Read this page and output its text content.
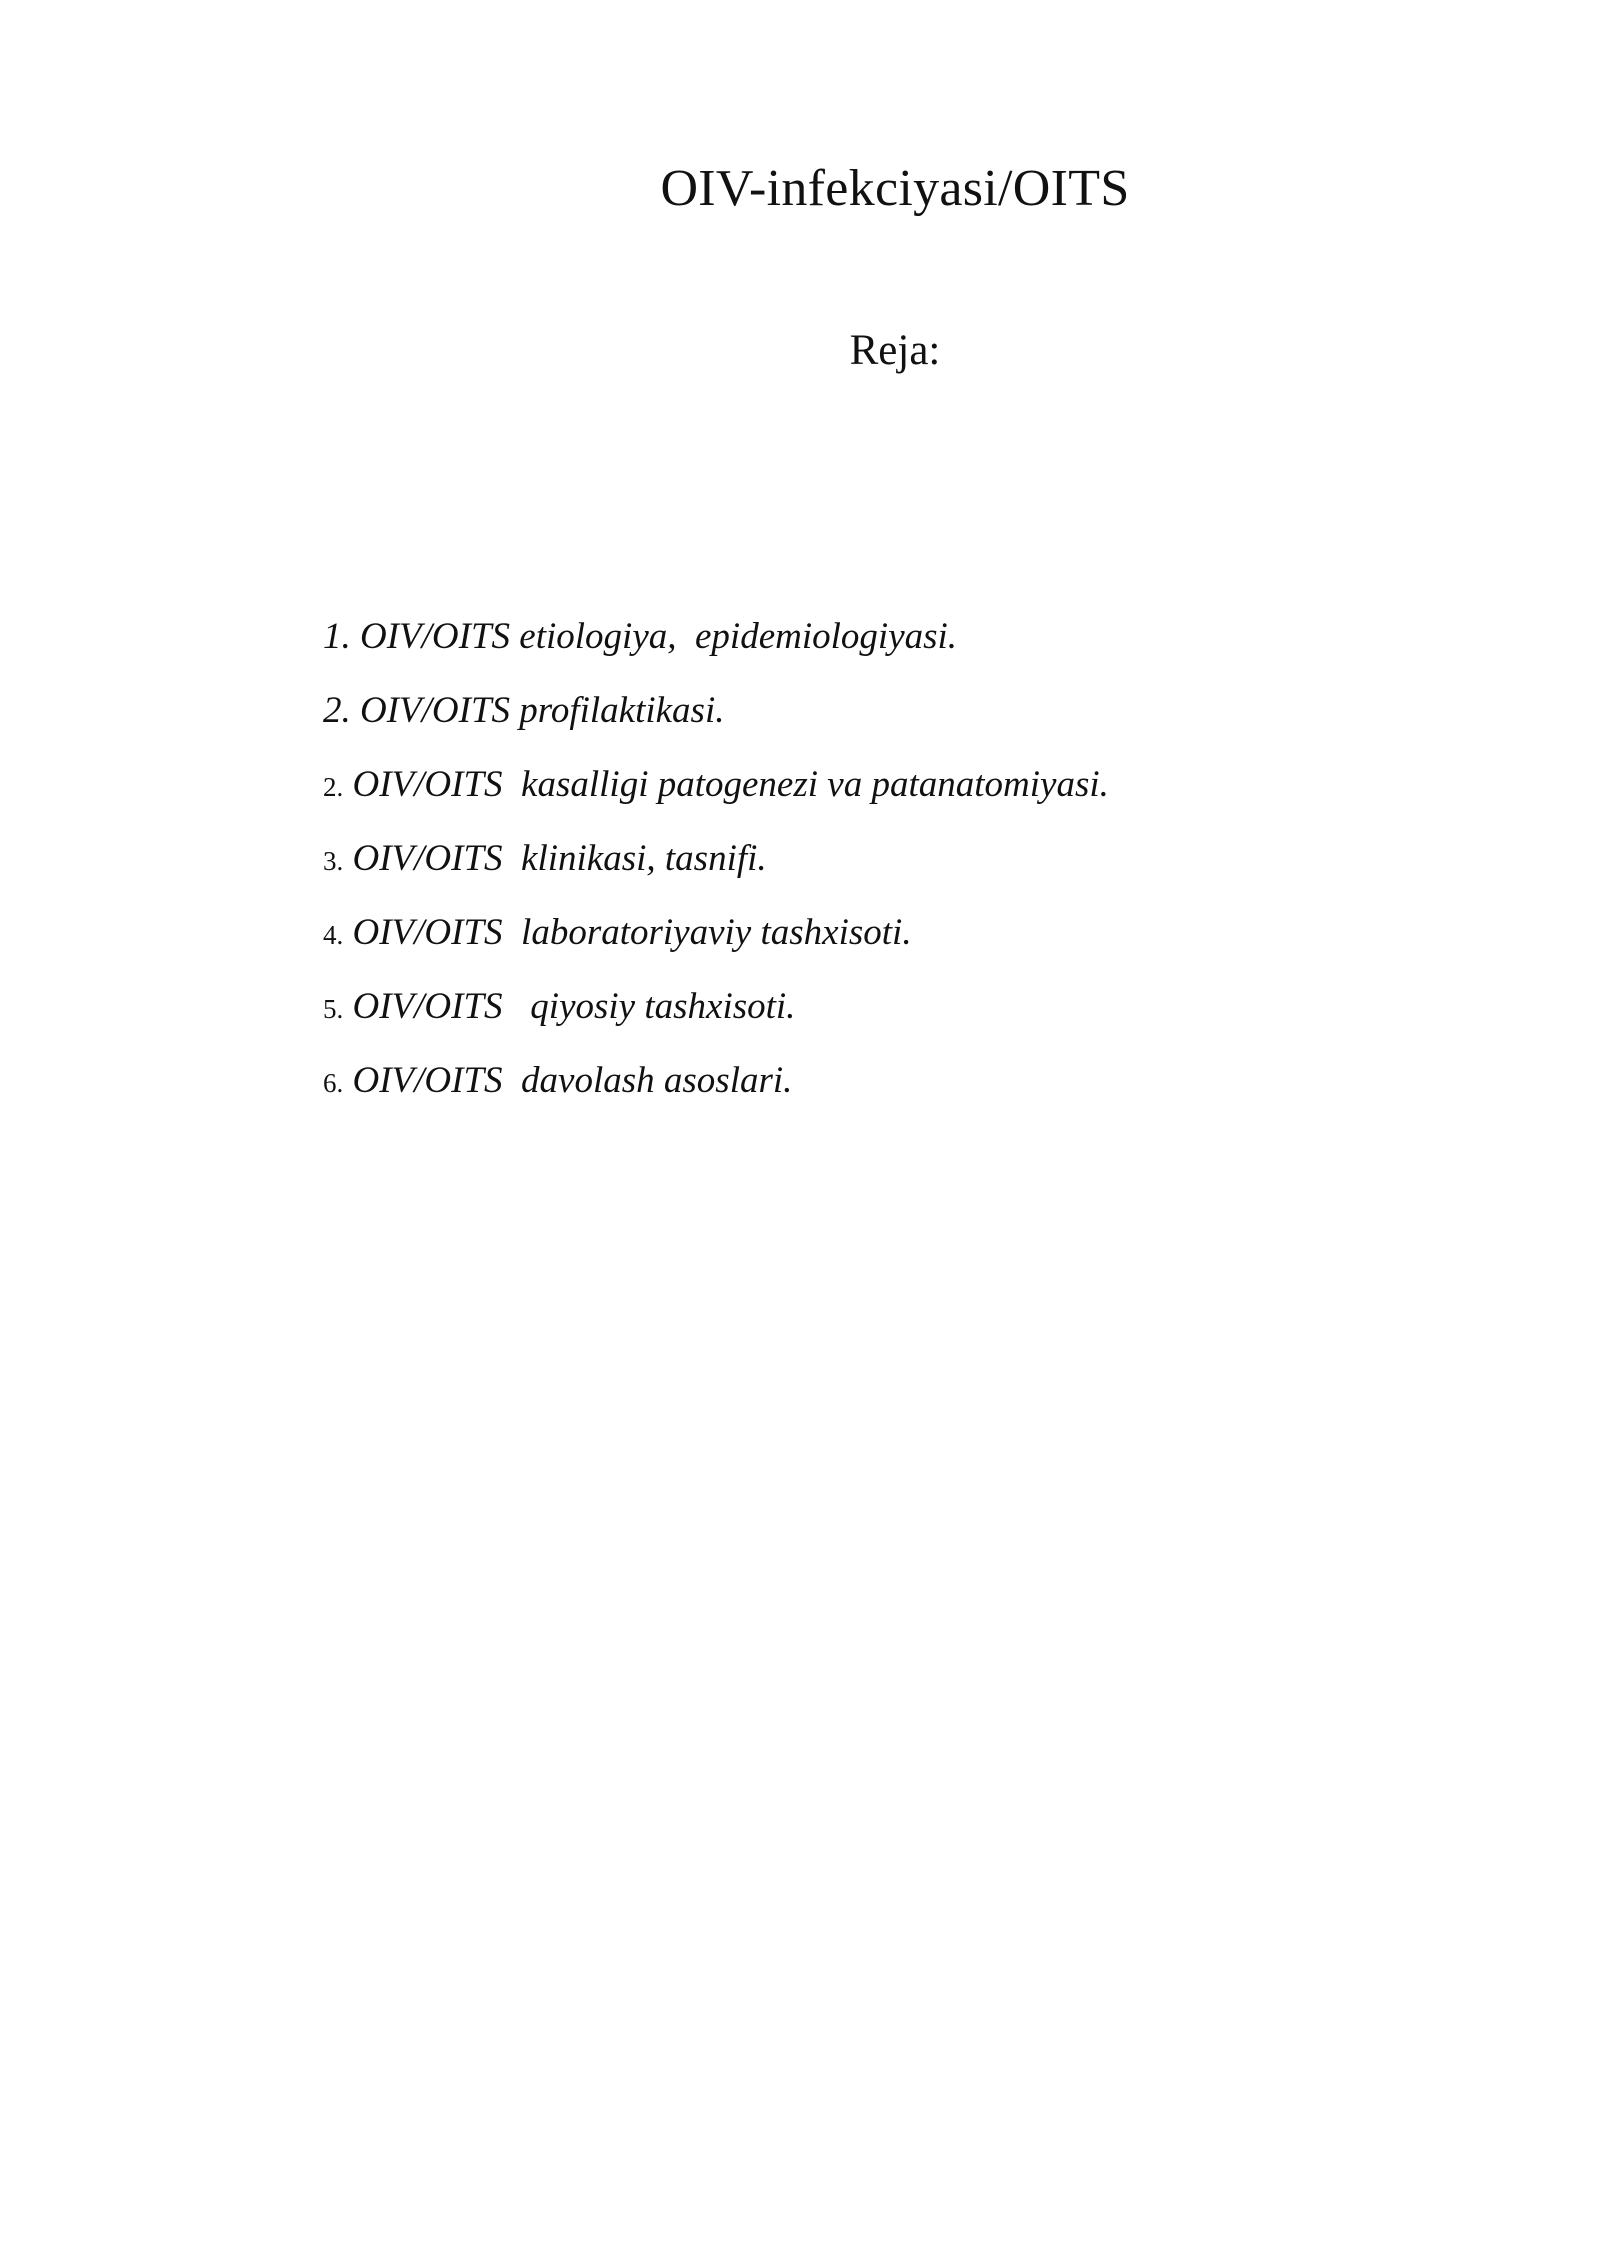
OIV-infekciyasi/OITS
Reja:
1. OIV/OITS etiologiya,  epidemiologiyasi.
2. OIV/OITS profilaktikasi.
2. OIV/OITS  kasalligi patogenezi va patanatomiyasi.
3. OIV/OITS  klinikasi, tasnifi.
4. OIV/OITS  laboratoriyaviy tashxisoti.
5. OIV/OITS   qiyosiy tashxisoti.
6. OIV/OITS  davolash asoslari.
